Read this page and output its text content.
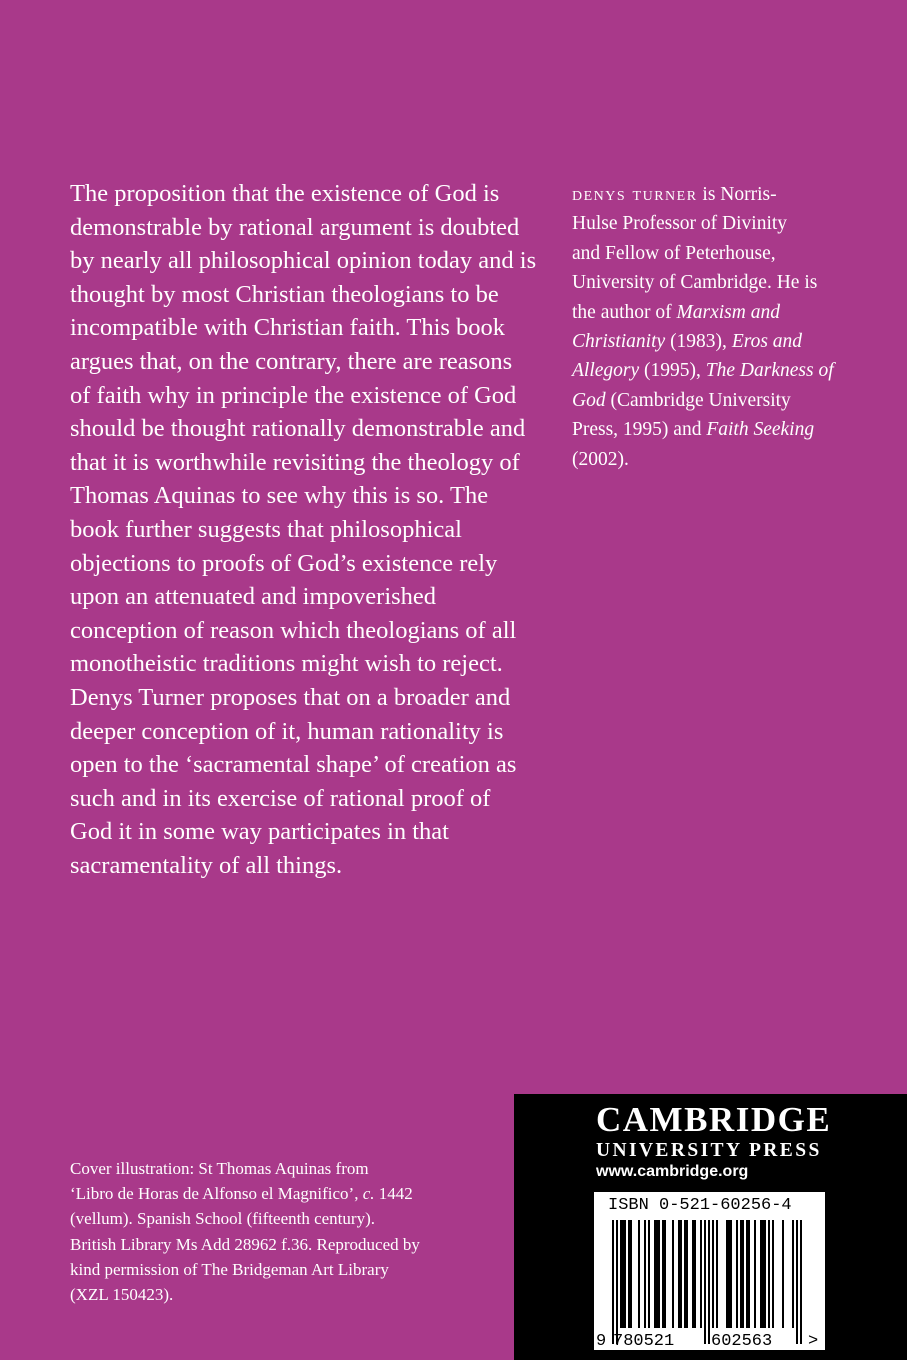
The proposition that the existence of God is
demonstrable by rational argument is doubted
by nearly all philosophical opinion today and is
thought by most Christian theologians to be
incompatible with Christian faith. This book
argues that, on the contrary, there are reasons
of faith why in principle the existence of God
should be thought rationally demonstrable and
that it is worthwhile revisiting the theology of
Thomas Aquinas to see why this is so. The
book further suggests that philosophical
objections to proofs of God’s existence rely
upon an attenuated and impoverished
conception of reason which theologians of all
monotheistic traditions might wish to reject.
Denys Turner proposes that on a broader and
deeper conception of it, human rationality is
open to the ‘sacramental shape’ of creation as
such and in its exercise of rational proof of
God it in some way participates in that
sacramentality of all things.
denys turner is Norris-
Hulse Professor of Divinity
and Fellow of Peterhouse,
University of Cambridge. He is
the author of Marxism and
Christianity (1983), Eros and
Allegory (1995), The Darkness of
God (Cambridge University
Press, 1995) and Faith Seeking
(2002).
Cover illustration: St Thomas Aquinas from
‘Libro de Horas de Alfonso el Magnifico’, c. 1442
(vellum). Spanish School (fifteenth century).
British Library Ms Add 28962 f.36. Reproduced by
kind permission of The Bridgeman Art Library
(XZL 150423).
CAMBRIDGE
UNIVERSITY PRESS
www.cambridge.org
ISBN 0-521-60256-4
9 780521 602563 >
